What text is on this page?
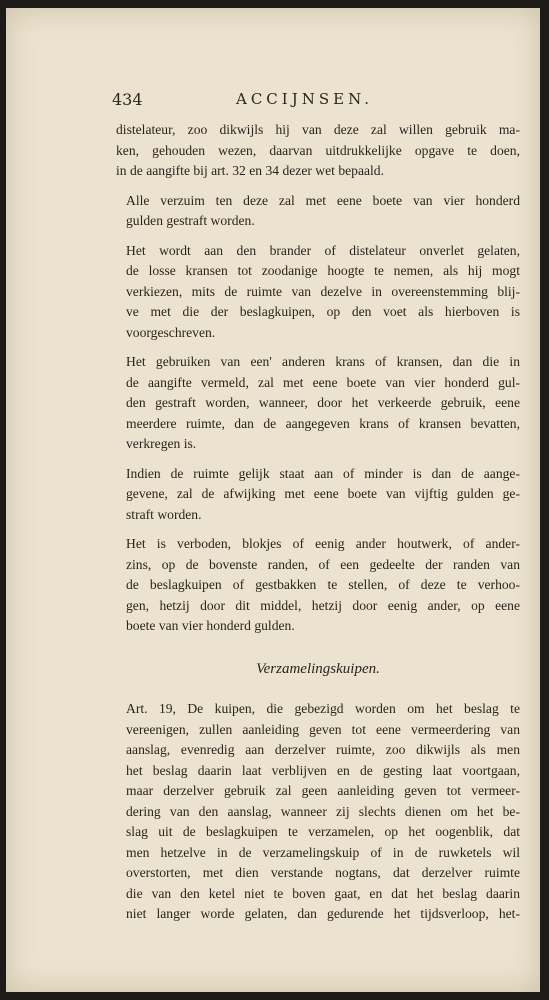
434	ACCIJNSEN.

distelateur, zoo dikwijls hij van deze zal willen gebruik ma-
ken, gehouden wezen, daarvan uitdrukkelijke opgave te doen,
in de aangifte bij art. 32 en 34 dezer wet bepaald.

Alle verzuim ten deze zal met eene boete van vier honderd
gulden gestraft worden.

Het wordt aan den brander of distelateur onverlet gelaten,
de losse kransen tot zoodanige hoogte te nemen, als hij mogt
verkiezen, mits de ruimte van dezelve in overeenstemming blij-
ve met die der beslagkuipen, op den voet als hierboven is
voorgeschreven.

Het gebruiken van een' anderen krans of kransen, dan die in
de aangifte vermeld, zal met eene boete van vier honderd gul-
den gestraft worden, wanneer, door het verkeerde gebruik, eene
meerdere ruimte, dan de aangegeven krans of kransen bevatten,
verkregen is.

Indien de ruimte gelijk staat aan of minder is dan de aange-
gevene, zal de afwijking met eene boete van vijftig gulden ge-
straft worden.

Het is verboden, blokjes of eenig ander houtwerk, of ander-
zins, op de bovenste randen, of een gedeelte der randen van
de beslagkuipen of gestbakken te stellen, of deze te verhoo-
gen, hetzij door dit middel, hetzij door eenig ander, op eene
boete van vier honderd gulden.

Verzamelingskuipen.

Art. 19, De kuipen, die gebezigd worden om het beslag te
vereenigen, zullen aanleiding geven tot eene vermeerdering van
aanslag, evenredig aan derzelver ruimte, zoo dikwijls als men
het beslag daarin laat verblijven en de gesting laat voortgaan,
maar derzelver gebruik zal geen aanleiding geven tot vermeer-
dering van den aanslag, wanneer zij slechts dienen om het be-
slag uit de beslagkuipen te verzamelen, op het oogenblik, dat
men hetzelve in de verzamelingskuip of in de ruwketels wil
overstorten, met dien verstande nogtans, dat derzelver ruimte
die van den ketel niet te boven gaat, en dat het beslag daarin
niet langer worde gelaten, dan gedurende het tijdsverloop, het-
